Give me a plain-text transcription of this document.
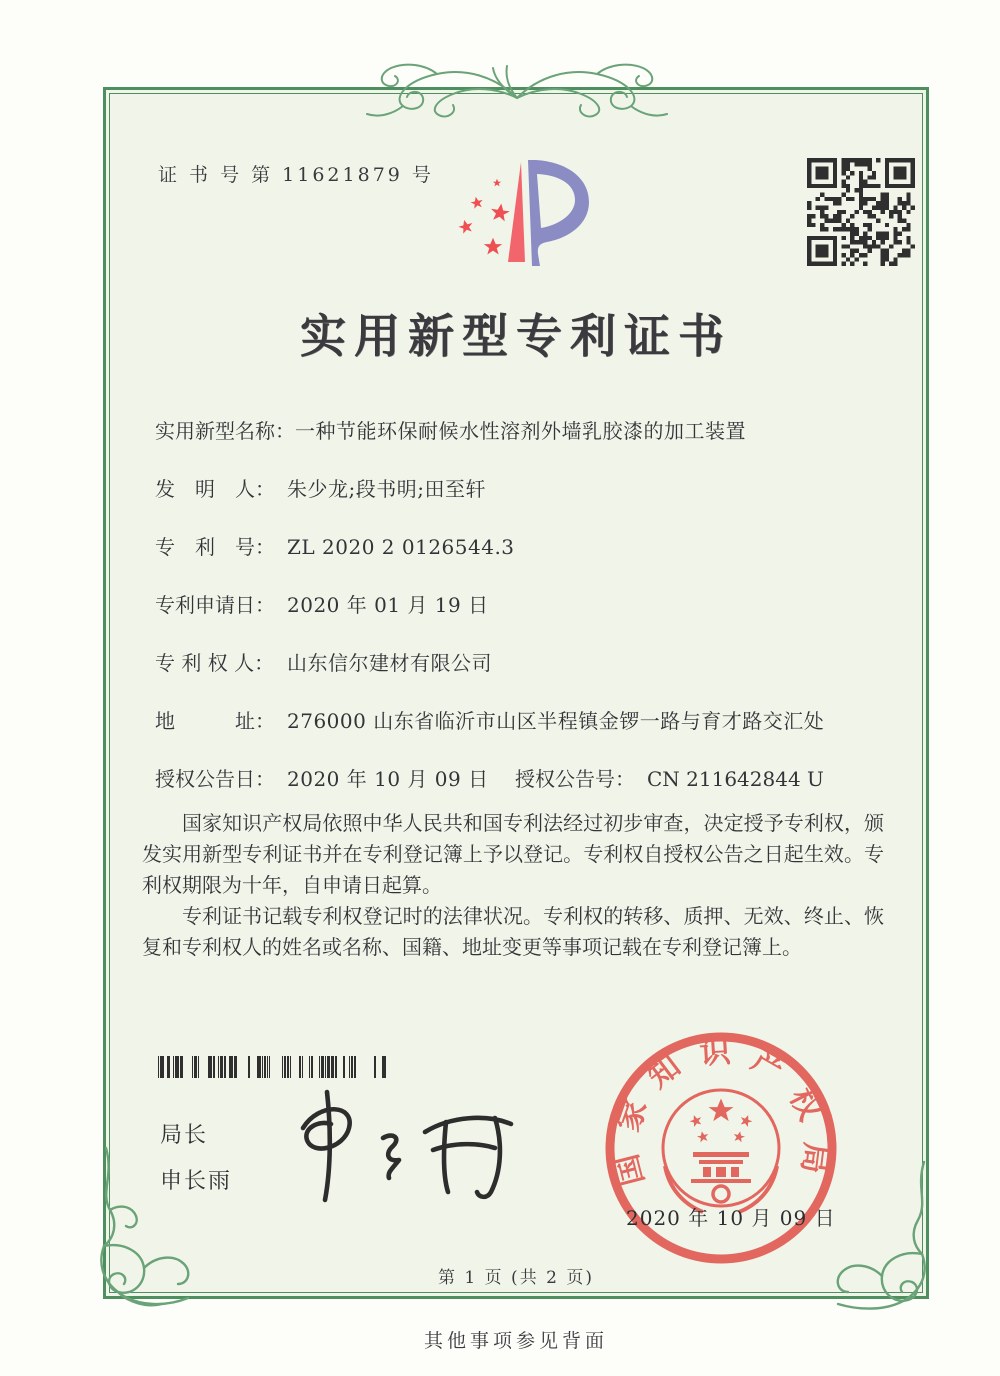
证 书 号 第 11621879 号
实用新型专利证书
实用新型名称： 一种节能环保耐候水性溶剂外墙乳胶漆的加工装置
发　明　人： 朱少龙;段书明;田至轩
专　利　号： ZL 2020 2 0126544.3
专利申请日： 2020 年 01 月 19 日
专 利 权 人： 山东信尔建材有限公司
地　　　址： 276000 山东省临沂市山区半程镇金锣一路与育才路交汇处
授权公告日： 2020 年 10 月 09 日	授权公告号： CN 211642844 U

国家知识产权局依照中华人民共和国专利法经过初步审查，决定授予专利权，颁发实用新型专利证书并在专利登记簿上予以登记。专利权自授权公告之日起生效。专利权期限为十年，自申请日起算。

专利证书记载专利权登记时的法律状况。专利权的转移、质押、无效、终止、恢复和专利权人的姓名或名称、国籍、地址变更等事项记载在专利登记簿上。

局长
申长雨	国家知识产权局
2020 年 10 月 09 日
第 1 页 (共 2 页)
其他事项参见背面
